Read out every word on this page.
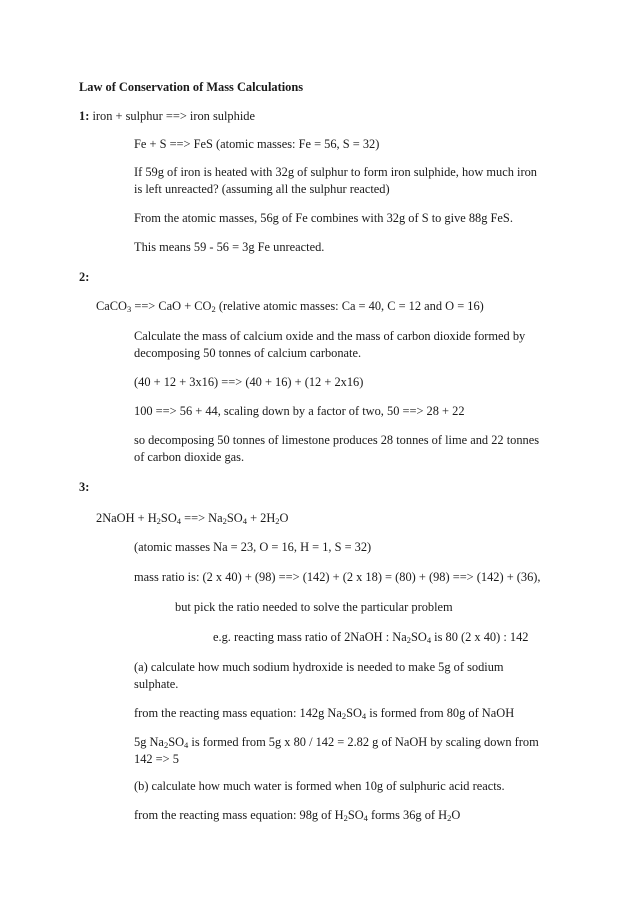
Law of Conservation of Mass Calculations
1: iron + sulphur ==> iron sulphide
Fe + S ==> FeS (atomic masses: Fe = 56, S = 32)
If 59g of iron is heated with 32g of sulphur to form iron sulphide, how much iron
is left unreacted? (assuming all the sulphur reacted)
From the atomic masses, 56g of Fe combines with 32g of S to give 88g FeS.
This means 59 - 56 = 3g Fe unreacted.
2:
CaCO$_3$ ==> CaO + $CO_2$ (relative atomic masses: Ca = 40, C = 12 and O = 16)
Calculate the mass of calcium oxide and the mass of carbon dioxide formed by
decomposing 50 tonnes of calcium carbonate.
(40 + 12 + 3x16) ==> (40 + 16) + (12 + 2x16)
100 ==> 56 + 44, scaling down by a factor of two, 50 ==> 28 + 22
so decomposing 50 tonnes of limestone produces 28 tonnes of lime and 22 tonnes
of carbon dioxide gas.
3:
2NaOH + $H_2SO_4$ ==> $Na_2SO_4 + 2H_2O$
(atomic masses Na = 23, O = 16, H = 1, S = 32)
mass ratio is: (2 x 40) + (98) ==> (142) + (2 x 18) = (80) + (98) ==> (142) + (36),
but pick the ratio needed to solve the particular problem
e.g. reacting mass ratio of 2NaOH : $Na_2SO_4$ is 80 (2 x 40) : 142
(a) calculate how much sodium hydroxide is needed to make 5g of sodium
sulphate.
from the reacting mass equation: 142g $Na_2SO_4$ is formed from 80g of NaOH
5g $Na_2SO_4$ is formed from 5g x 80 / 142 = 2.82 g of NaOH by scaling down from
142 => 5
(b) calculate how much water is formed when 10g of sulphuric acid reacts.
from the reacting mass equation: 98g of $H_2SO_4$ forms 36g of $H_2O$
